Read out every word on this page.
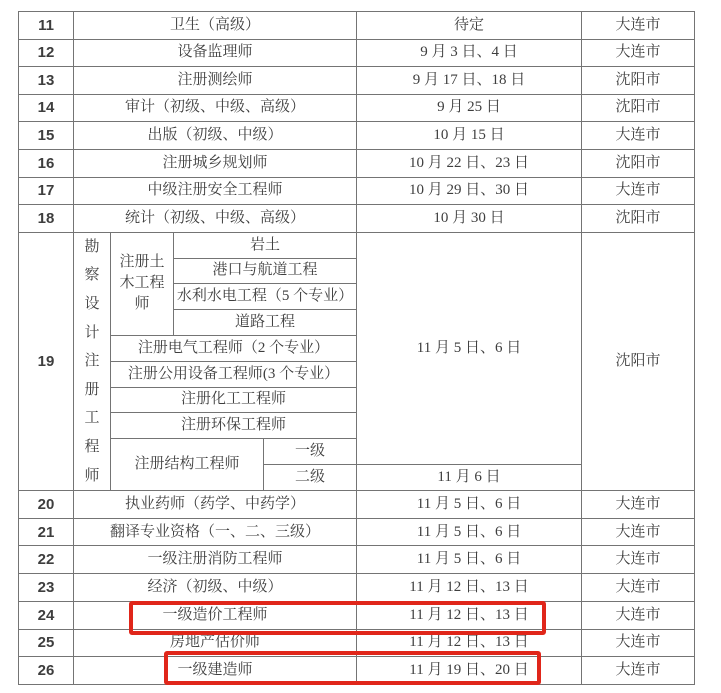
11	卫生（高级）				待定	大连市
12	设备监理师				9 月 3 日、4 日	大连市
13	注册测绘师				9 月 17 日、18 日	沈阳市
14	审计（初级、中级、高级）				9 月 25 日	沈阳市
15	出版（初级、中级）				10 月 15 日	大连市
16	注册城乡规划师				10 月 22 日、23 日	沈阳市
17	中级注册安全工程师				10 月 29 日、30 日	大连市
18	统计（初级、中级、高级）				10 月 30 日	沈阳市
19	勘察设计注册工程师	注册土木工程师	岩土		11 月 5 日、6 日	沈阳市
			港口与航道工程			
			水利水电工程（5 个专业）			
			道路工程			
		注册电气工程师（2 个专业）				
		注册公用设备工程师(3 个专业）				
		注册化工工程师				
		注册环保工程师				
		注册结构工程师		一级		
				二级	11 月 6 日	
20	执业药师（药学、中药学）				11 月 5 日、6 日	大连市
21	翻译专业资格（一、二、三级）				11 月 5 日、6 日	大连市
22	一级注册消防工程师				11 月 5 日、6 日	大连市
23	经济（初级、中级）				11 月 12 日、13 日	大连市
24	一级造价工程师				11 月 12 日、13 日	大连市
25	房地产估价师				11 月 12 日、13 日	大连市
26	一级建造师				11 月 19 日、20 日	大连市
